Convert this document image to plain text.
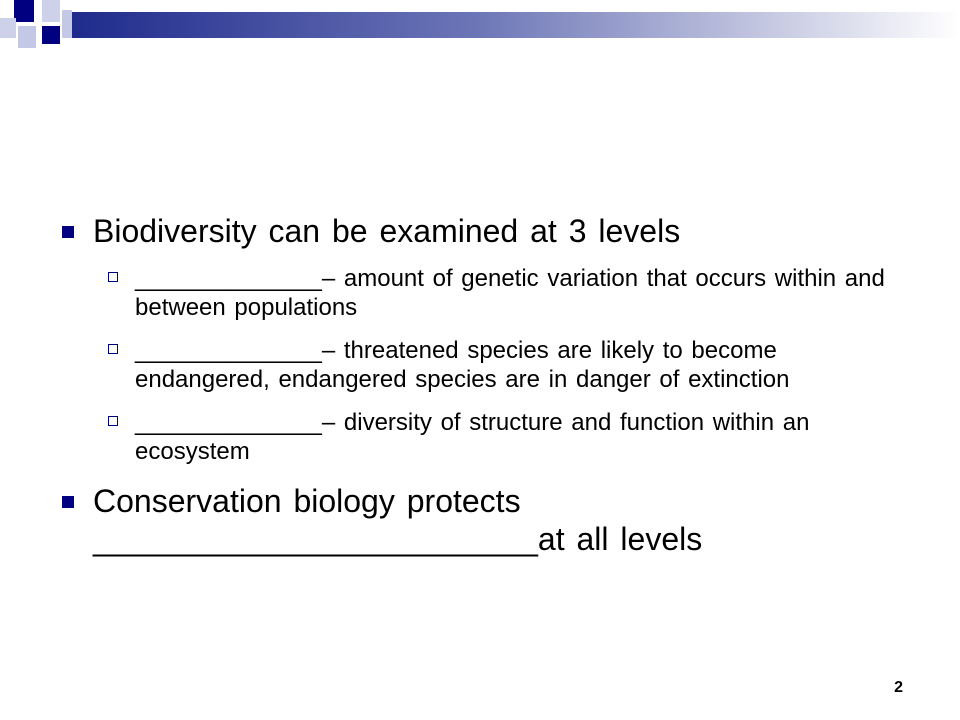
Biodiversity can be examined at 3 levels
______________– amount of genetic variation that occurs within and between populations
______________– threatened species are likely to become endangered, endangered species are in danger of extinction
______________– diversity of structure and function within an ecosystem
Conservation biology protects _________________________at all levels
2
